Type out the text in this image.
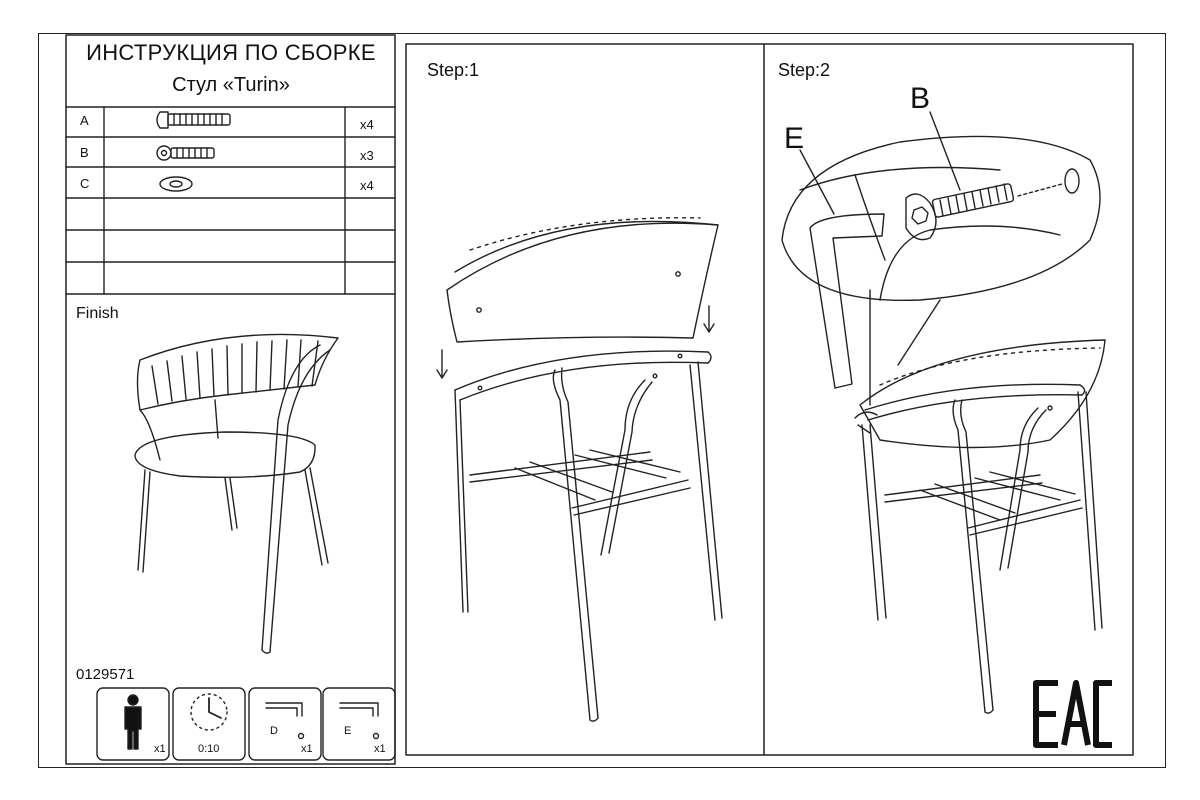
ИНСТРУКЦИЯ ПО СБОРКЕ
Стул «Turin»
A	x4
B	x3
C	x4
Finish
0129571
x1	0:10
D
x1
E
x1
Step:1	Step:2
B
E
